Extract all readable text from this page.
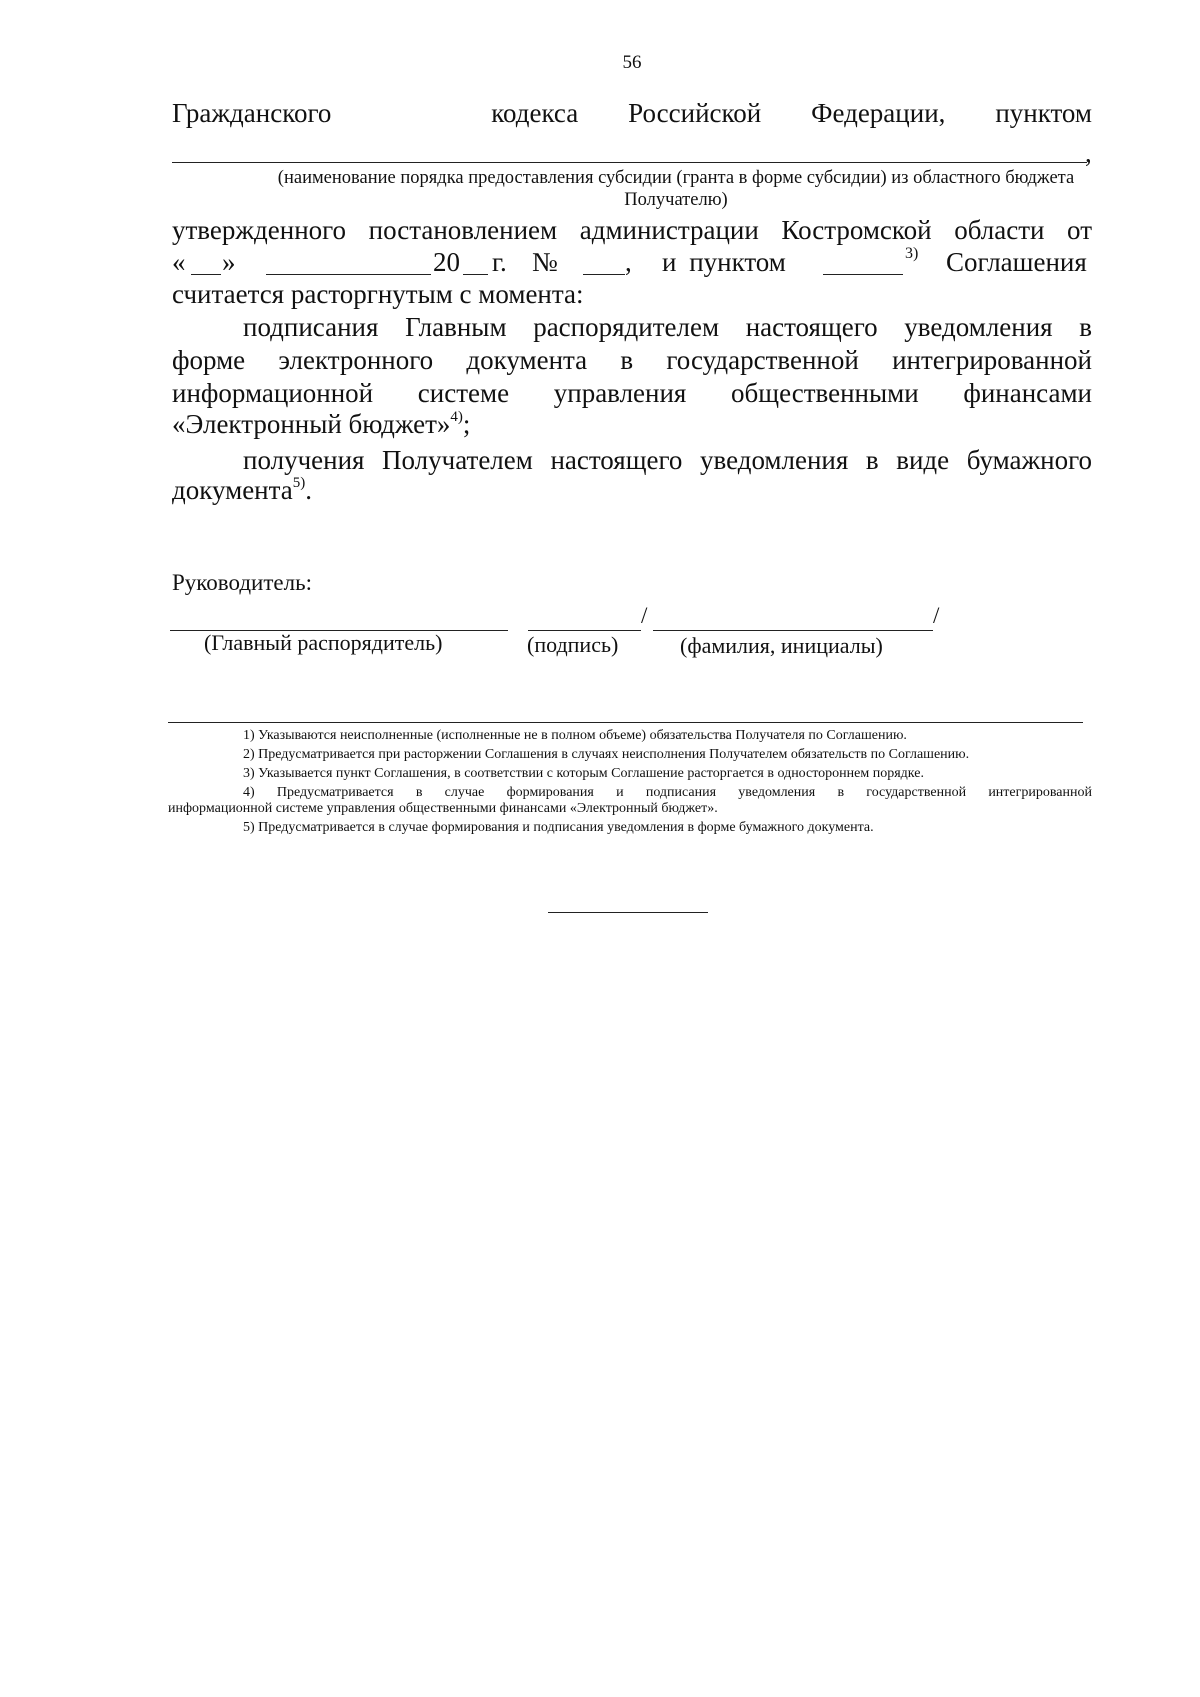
56
Гражданского	кодекса Российской Федерации, пунктом
,
(наименование порядка предоставления субсидии (гранта в форме субсидии) из областного бюджета Получателю)
утвержденного постановлением администрации Костромской области от
« »	20 г. № , и пунктом	3) Соглашения
считается расторгнутым с момента:
подписания Главным распорядителем настоящего уведомления в
форме электронного документа в государственной интегрированной
информационной системе управления общественными финансами
«Электронный бюджет»$^{4)}$;
получения Получателем настоящего уведомления в виде бумажного
документа$^{5)}$.
Руководитель:
/	/
(Главный распорядитель)	(подпись)	(фамилия, инициалы)
1) Указываются неисполненные (исполненные не в полном объеме) обязательства Получателя по Соглашению.
2) Предусматривается при расторжении Соглашения в случаях неисполнения Получателем обязательств по Соглашению.
3) Указывается пункт Соглашения, в соответствии с которым Соглашение расторгается в одностороннем порядке.
4) Предусматривается в случае формирования и подписания уведомления в государственной интегрированной
информационной системе управления общественными финансами «Электронный бюджет».
5) Предусматривается в случае формирования и подписания уведомления в форме бумажного документа.
